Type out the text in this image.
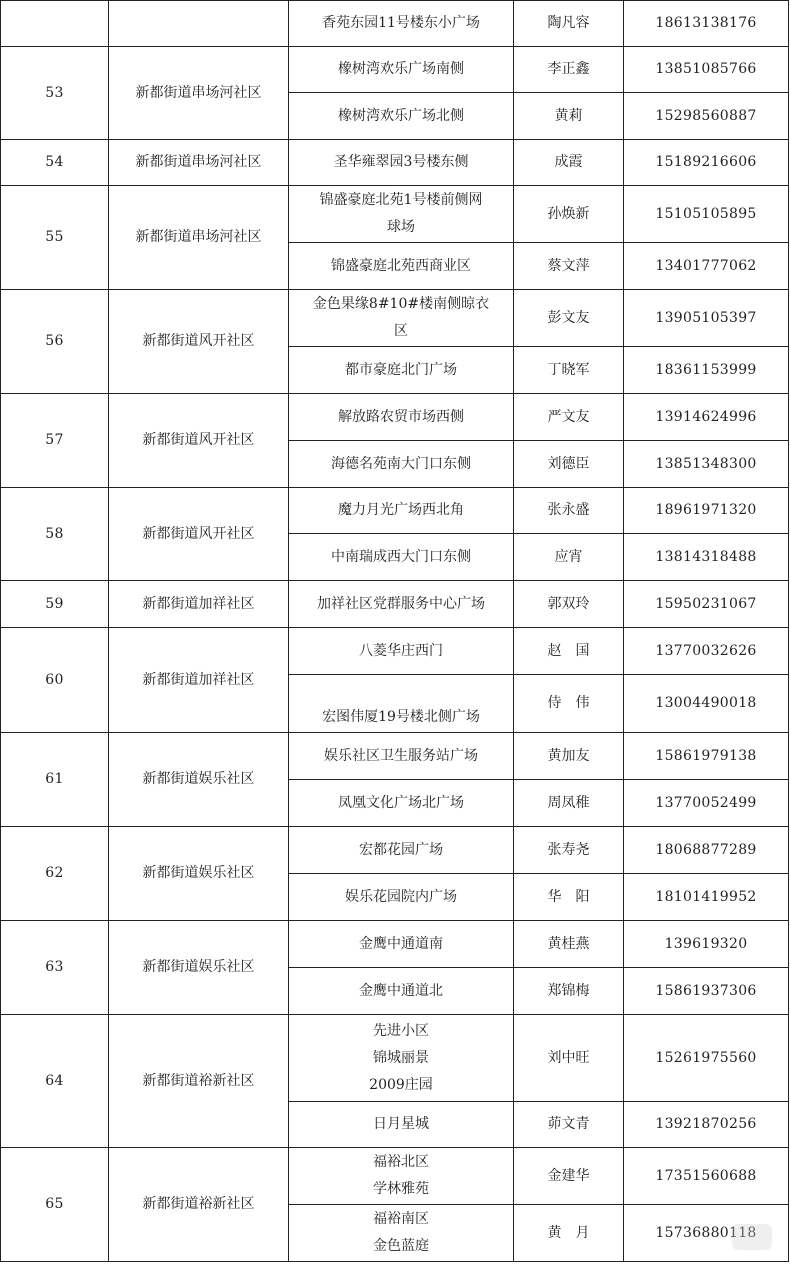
		香苑东园11号楼东小广场	陶凡容	18613138176
53	新都街道串场河社区	橡树湾欢乐广场南侧	李正鑫	13851085766

		橡树湾欢乐广场北侧	黄莉	15298560887
54	新都街道串场河社区	圣华雍翠园3号楼东侧	成霞	15189216606
55	新都街道串场河社区	锦盛豪庭北苑1号楼前侧网
球场	孙焕新	15105105895

		锦盛豪庭北苑西商业区	蔡文萍	13401777062
56	新都街道风开社区	金色果缘8#10#楼南侧晾衣
区	彭文友	13905105397

		都市豪庭北门广场	丁晓军	18361153999
57	新都街道风开社区	解放路农贸市场西侧	严文友	13914624996

		海德名苑南大门口东侧	刘德臣	13851348300
58	新都街道风开社区	魔力月光广场西北角	张永盛	18961971320

		中南瑞成西大门口东侧	应宵	13814318488
59	新都街道加祥社区	加祥社区党群服务中心广场	郭双玲	15950231067
60	新都街道加祥社区	八菱华庄西门	赵　国	13770032626

		宏图伟厦19号楼北侧广场	侍　伟	13004490018
61	新都街道娱乐社区	娱乐社区卫生服务站广场	黄加友	15861979138

		凤凰文化广场北广场	周凤稚	13770052499
62	新都街道娱乐社区	宏都花园广场	张寿尧	18068877289

		娱乐花园院内广场	华　阳	18101419952
63	新都街道娱乐社区	金鹰中通道南	黄桂燕	139619320

		金鹰中通道北	郑锦梅	15861937306
64	新都街道裕新社区	先进小区
锦城丽景
2009庄园	刘中旺	15261975560

		日月星城	茆文青	13921870256
65	新都街道裕新社区	福裕北区
学林雅苑	金建华	17351560688

		福裕南区
金色蓝庭	黄　月	15736880118
